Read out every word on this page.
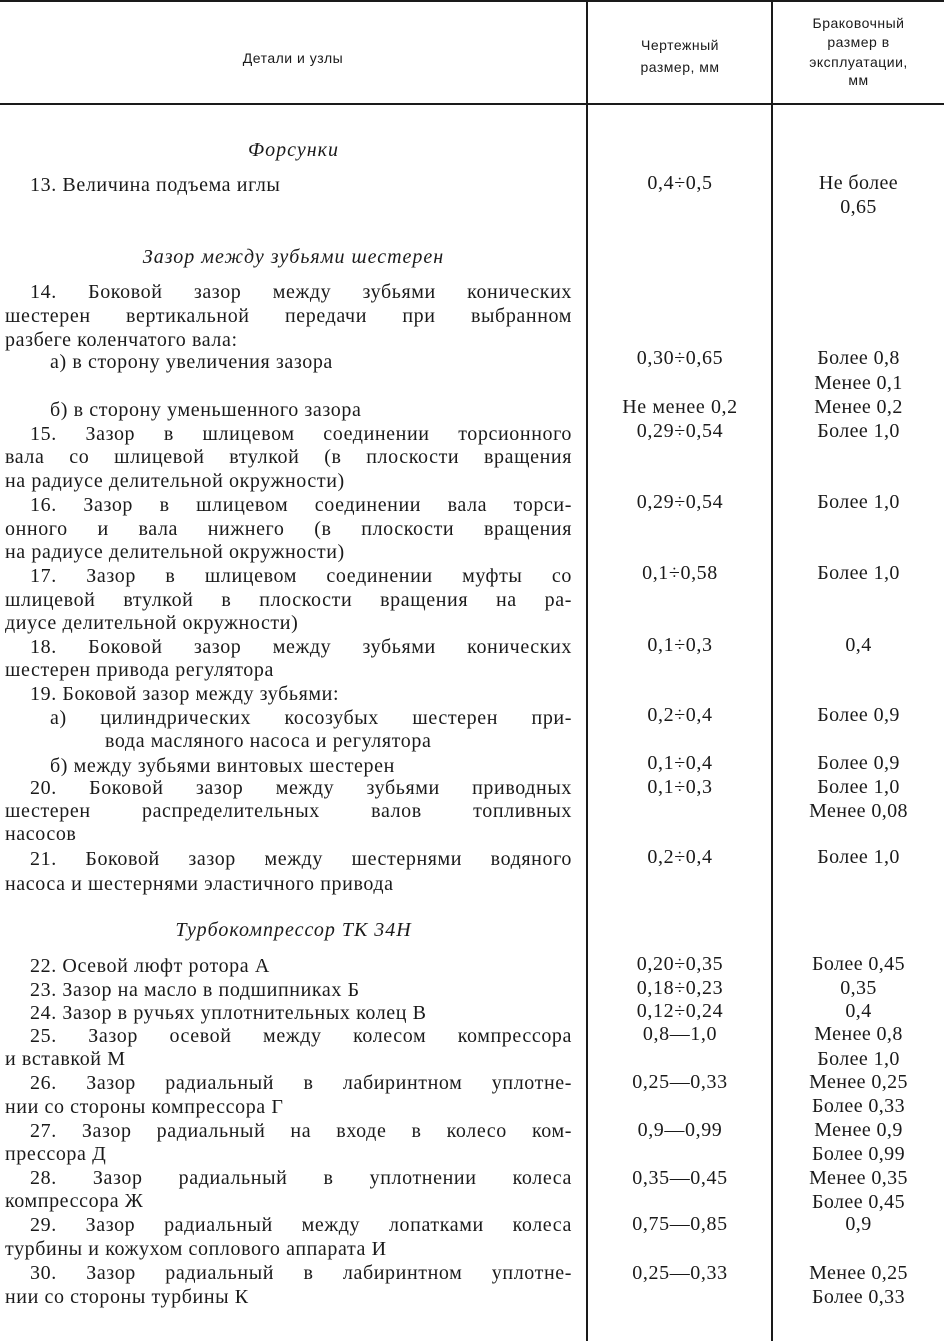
Детали и узлы
Чертежный
размер, мм
Браковочный
размер в
эксплуатации,
мм
Форсунки
13. Величина подъема иглы	0,4÷0,5	Не более
0,65
Зазор между зубьями шестерен
14. Боковой зазор между зубьями конических
шестерен вертикальной передачи при выбранном
разбеге коленчатого вала:
а) в сторону увеличения зазора	0,30÷0,65	Более 0,8
Менее 0,1
б) в сторону уменьшенного зазора	Не менее 0,2	Менее 0,2
15. Зазор в шлицевом соединении торсионного
вала со шлицевой втулкой (в плоскости вращения
на радиусе делительной окружности)
0,29÷0,54	Более 1,0
16. Зазор в шлицевом соединении вала торси-
онного и вала нижнего (в плоскости вращения
на радиусе делительной окружности)
0,29÷0,54	Более 1,0
17. Зазор в шлицевом соединении муфты со
шлицевой втулкой в плоскости вращения на ра-
диусе делительной окружности)
0,1÷0,58	Более 1,0
18. Боковой зазор между зубьями конических
шестерен привода регулятора
0,1÷0,3	0,4
19. Боковой зазор между зубьями:
а) цилиндрических косозубых шестерен при-
вода масляного насоса и регулятора
0,2÷0,4	Более 0,9
б) между зубьями винтовых шестерен	0,1÷0,4	Более 0,9
20. Боковой зазор между зубьями приводных
шестерен распределительных валов топливных
насосов
0,1÷0,3	Более 1,0
Менее 0,08
21. Боковой зазор между шестернями водяного
насоса и шестернями эластичного привода
0,2÷0,4	Более 1,0
Турбокомпрессор ТК 34Н
22. Осевой люфт ротора А	0,20÷0,35	Более 0,45
23. Зазор на масло в подшипниках Б	0,18÷0,23	0,35
24. Зазор в ручьях уплотнительных колец В	0,12÷0,24	0,4
25. Зазор осевой между колесом компрессора
и вставкой М
0,8—1,0	Менее 0,8
Более 1,0
26. Зазор радиальный в лабиринтном уплотне-
нии со стороны компрессора Г
0,25—0,33	Менее 0,25
Более 0,33
27. Зазор радиальный на входе в колесо ком-
прессора Д
0,9—0,99	Менее 0,9
Более 0,99
28. Зазор радиальный в уплотнении колеса
компрессора Ж
0,35—0,45	Менее 0,35
Более 0,45
29. Зазор радиальный между лопатками колеса
турбины и кожухом соплового аппарата И
0,75—0,85	0,9
30. Зазор радиальный в лабиринтном уплотне-
нии со стороны турбины К
0,25—0,33	Менее 0,25
Более 0,33
